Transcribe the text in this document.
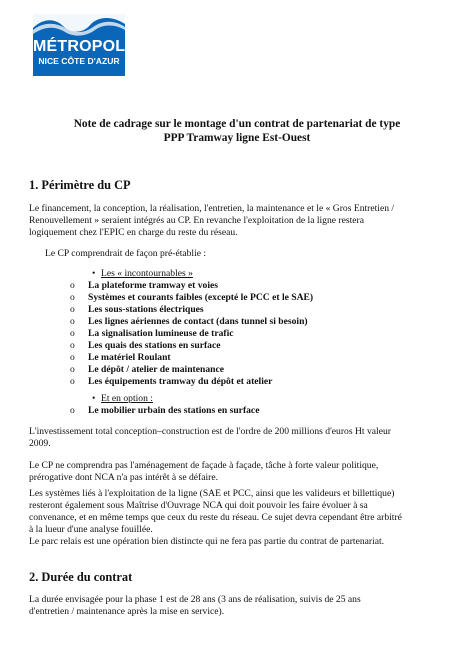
MÉTROPOLE
NICE CÔTE D'AZUR
Note de cadrage sur le montage d'un contrat de partenariat de type
PPP Tramway ligne Est-Ouest
1. Périmètre du CP
Le financement, la conception, la réalisation, l'entretien, la maintenance et le « Gros Entretien /
Renouvellement » seraient intégrés au CP. En revanche l'exploitation de la ligne restera
logiquement chez l'EPIC en charge du reste du réseau.
Le CP comprendrait de façon pré-établie :
• Les « incontournables »
o La plateforme tramway et voies
o Systèmes et courants faibles (excepté le PCC et le SAE)
o Les sous-stations électriques
o Les lignes aériennes de contact (dans tunnel si besoin)
o La signalisation lumineuse de trafic
o Les quais des stations en surface
o Le matériel Roulant
o Le dépôt / atelier de maintenance
o Les équipements tramway du dépôt et atelier
• Et en option :
o Le mobilier urbain des stations en surface
L'investissement total conception–construction est de l'ordre de 200 millions d'euros Ht valeur
2009.
Le CP ne comprendra pas l'aménagement de façade à façade, tâche à forte valeur politique,
prérogative dont NCA n'a pas intérêt à se défaire.
Les systèmes liés à l'exploitation de la ligne (SAE et PCC, ainsi que les valideurs et billettique)
resteront également sous Maîtrise d'Ouvrage NCA qui doit pouvoir les faire évoluer à sa
convenance, et en même temps que ceux du reste du réseau. Ce sujet devra cependant être arbitré
à la lueur d'une analyse fouillée.
Le parc relais est une opération bien distincte qui ne fera pas partie du contrat de partenariat.
2. Durée du contrat
La durée envisagée pour la phase 1 est de 28 ans (3 ans de réalisation, suivis de 25 ans
d'entretien / maintenance après la mise en service).
